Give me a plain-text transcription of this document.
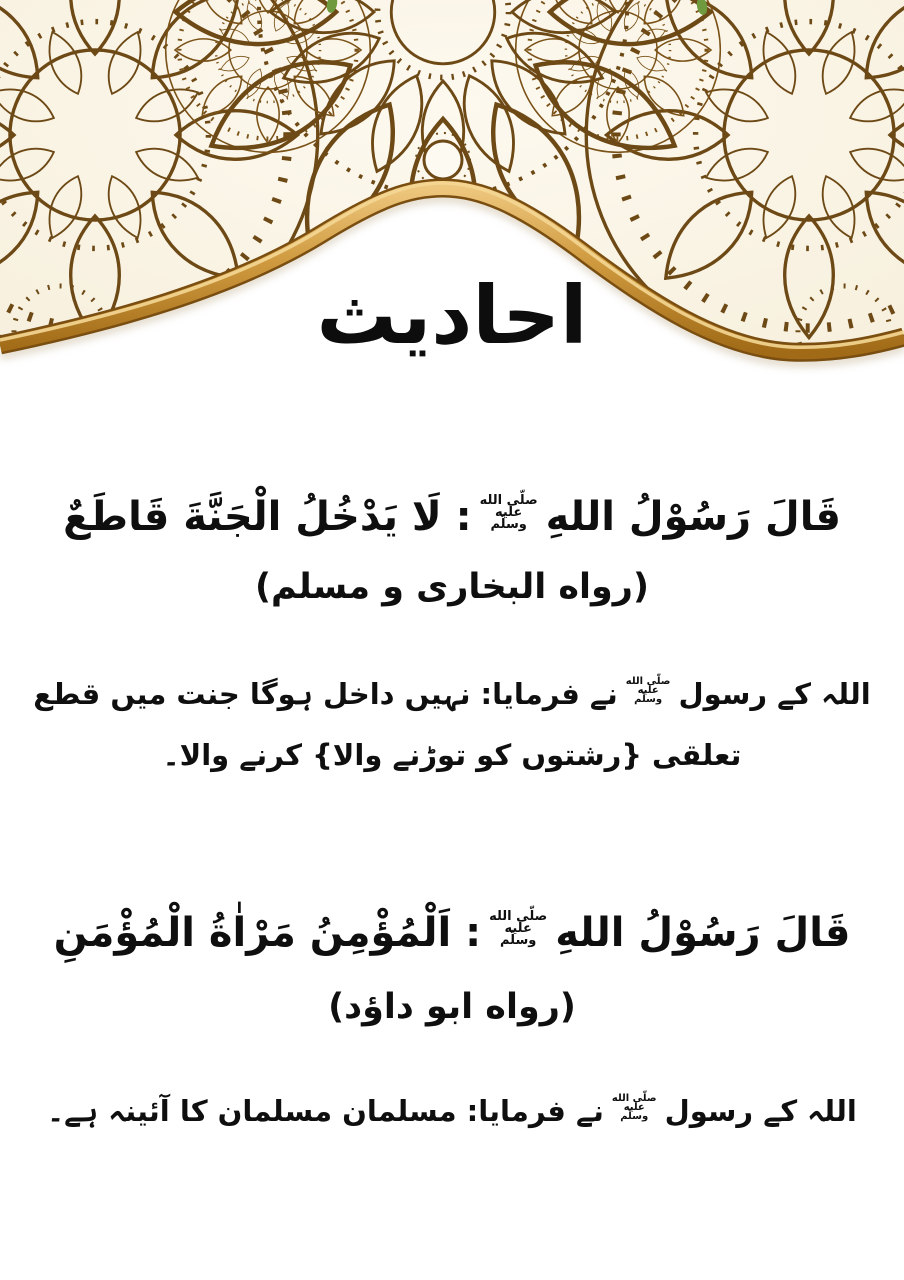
احادیث
قَالَ رَسُوْلُ اللهِ
صلّى الله
عليه
وسلّم
: لَا يَدْخُلُ الْجَنَّةَ قَاطَعٌ
(رواه البخاری و مسلم)
اللہ کے رسول
صلّى الله
عليه
وسلّم
نے فرمایا: نہیں داخل ہوگا جنت میں قطع
تعلقی {رشتوں کو توڑنے والا} کرنے والا۔
قَالَ رَسُوْلُ اللهِ
صلّى الله
عليه
وسلّم
: اَلْمُؤْمِنُ مَرْاٰةُ الْمُؤْمَنِ
(رواه ابو داؤد)
اللہ کے رسول
صلّى الله
عليه
وسلّم
نے فرمایا: مسلمان مسلمان کا آئینہ ہے۔
